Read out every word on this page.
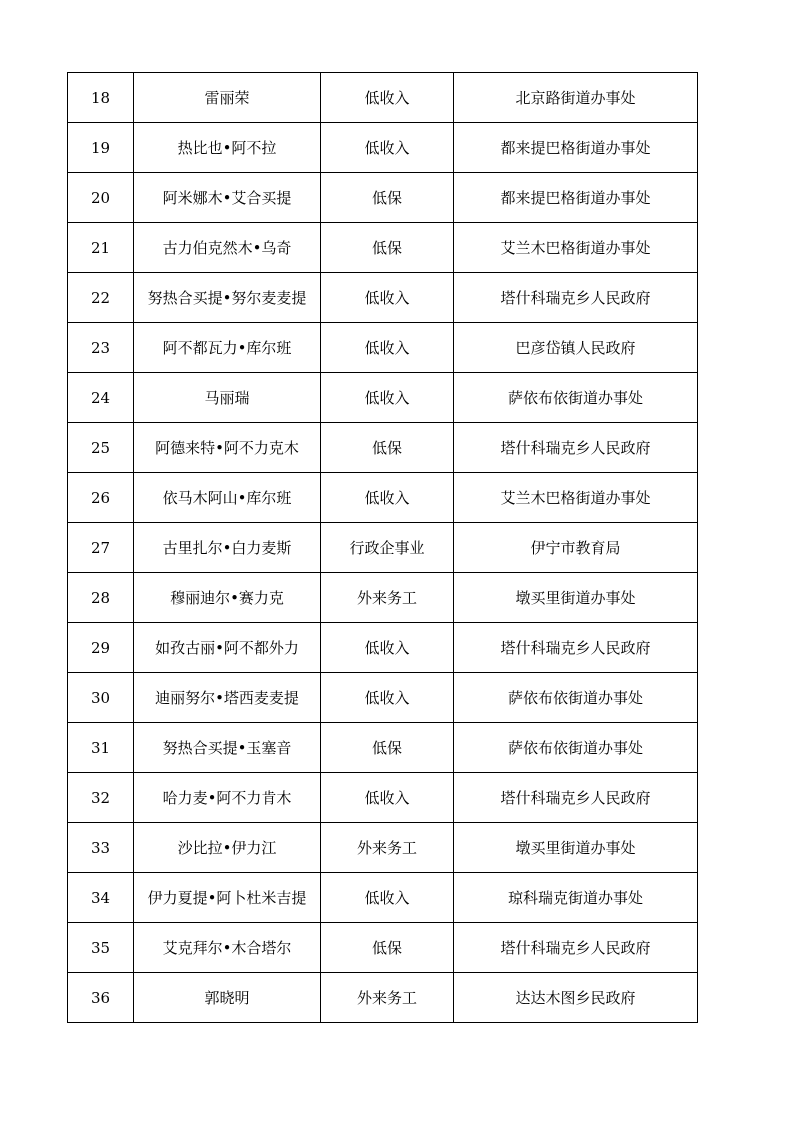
18	雷丽荣	低收入	北京路街道办事处
19	热比也•阿不拉	低收入	都来提巴格街道办事处
20	阿米娜木•艾合买提	低保	都来提巴格街道办事处
21	古力伯克然木•乌奇	低保	艾兰木巴格街道办事处
22	努热合买提•努尔麦麦提	低收入	塔什科瑞克乡人民政府
23	阿不都瓦力•库尔班	低收入	巴彦岱镇人民政府
24	马丽瑞	低收入	萨依布依街道办事处
25	阿德来特•阿不力克木	低保	塔什科瑞克乡人民政府
26	依马木阿山•库尔班	低收入	艾兰木巴格街道办事处
27	古里扎尔•白力麦斯	行政企事业	伊宁市教育局
28	穆丽迪尔•赛力克	外来务工	墩买里街道办事处
29	如孜古丽•阿不都外力	低收入	塔什科瑞克乡人民政府
30	迪丽努尔•塔西麦麦提	低收入	萨依布依街道办事处
31	努热合买提•玉塞音	低保	萨依布依街道办事处
32	哈力麦•阿不力肯木	低收入	塔什科瑞克乡人民政府
33	沙比拉•伊力江	外来务工	墩买里街道办事处
34	伊力夏提•阿卜杜米吉提	低收入	琼科瑞克街道办事处
35	艾克拜尔•木合塔尔	低保	塔什科瑞克乡人民政府
36	郭晓明	外来务工	达达木图乡民政府
